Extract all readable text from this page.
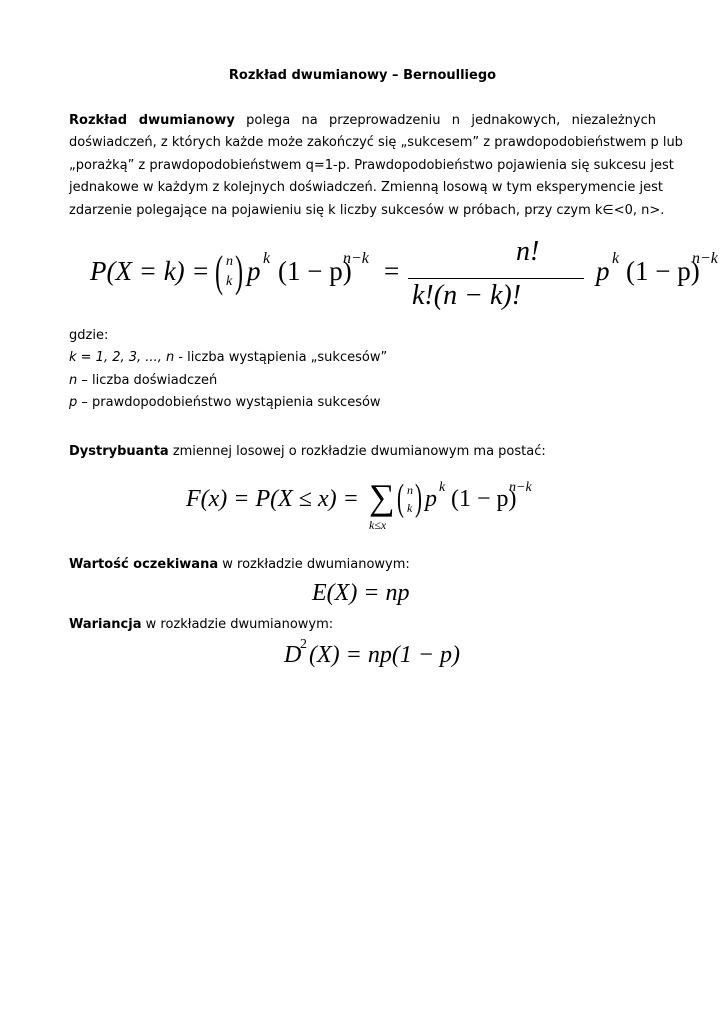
Rozkład dwumianowy – Bernoulliego
Rozkład dwumianowy polega na przeprowadzeniu n jednakowych, niezależnych
doświadczeń, z których każde może zakończyć się „sukcesem” z prawdopodobieństwem p lub
„porażką” z prawdopodobieństwem q=1-p. Prawdopodobieństwo pojawienia się sukcesu jest
jednakowe w każdym z kolejnych doświadczeń. Zmienną losową w tym eksperymencie jest
zdarzenie polegające na pojawieniu się k liczby sukcesów w próbach, przy czym k∈<0, n>.
P(X = k) = ( n
k ) p k (1 − p)
n−k =
n!
k!(n − k)!
p k (1 − p)
n−k
gdzie:
k = 1, 2, 3, ..., n - liczba wystąpienia „sukcesów”
n – liczba doświadczeń
p – prawdopodobieństwo wystąpienia sukcesów
Dystrybuanta zmiennej losowej o rozkładzie dwumianowym ma postać:
F(x) = P(X ≤ x) = ∑
k≤x
( n
k ) p k (1 − p)
n−k
Wartość oczekiwana w rozkładzie dwumianowym:
E(X) = np
Wariancja w rozkładzie dwumianowym:
D
2 (X) = np(1 − p)
